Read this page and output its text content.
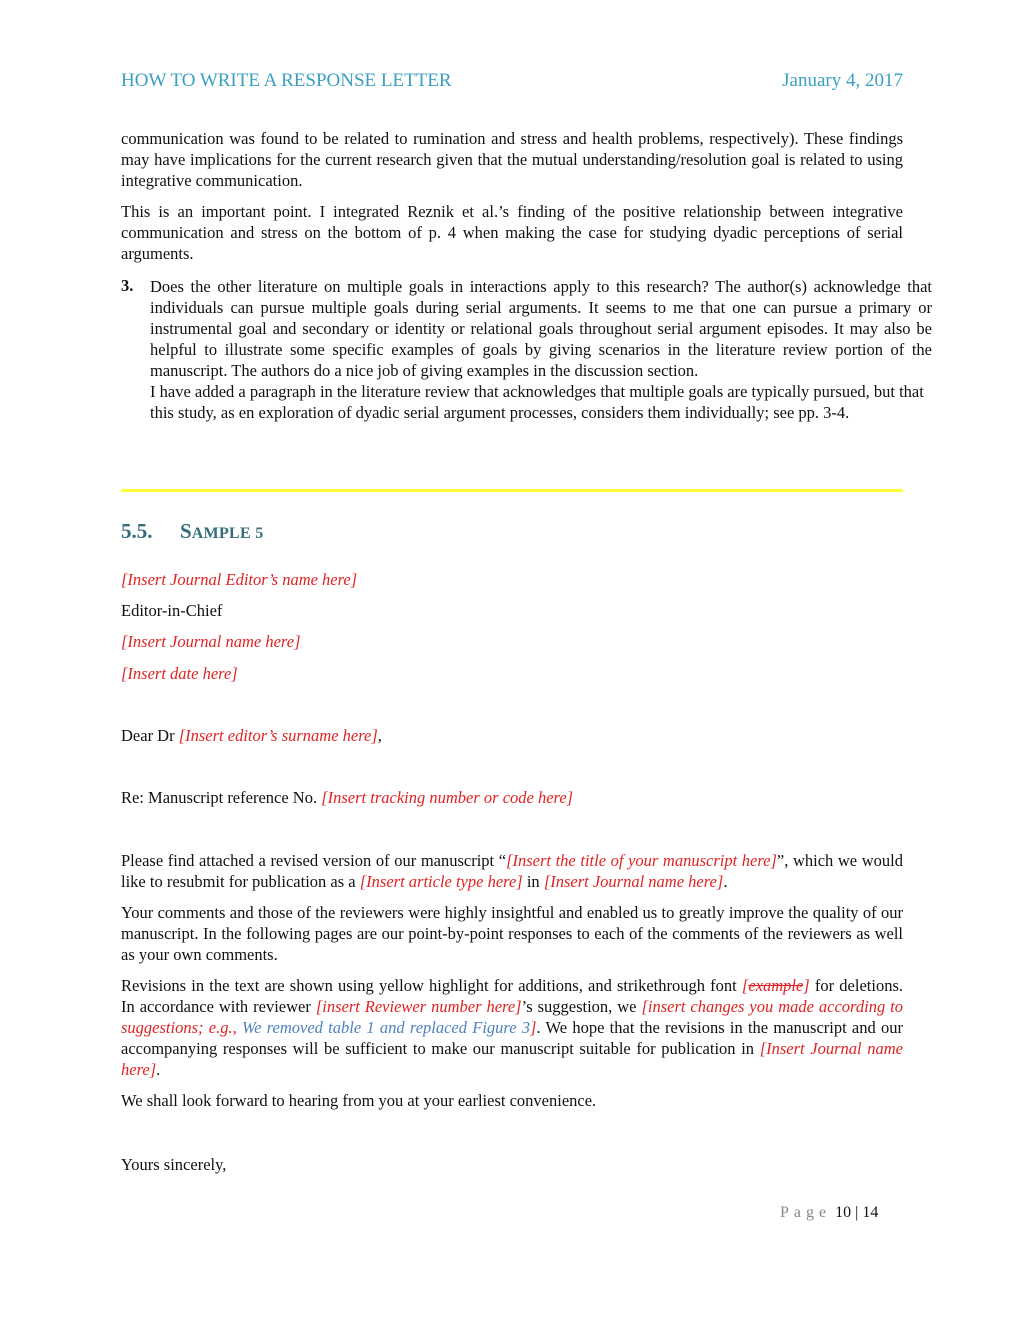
HOW TO WRITE A RESPONSE LETTER	January 4, 2017

communication was found to be related to rumination and stress and health problems, respectively). These findings may have implications for the current research given that the mutual understanding/resolution goal is related to using integrative communication.

This is an important point. I integrated Reznik et al.’s finding of the positive relationship between integrative communication and stress on the bottom of p. 4 when making the case for studying dyadic perceptions of serial arguments.

3. Does the other literature on multiple goals in interactions apply to this research? The author(s) acknowledge that individuals can pursue multiple goals during serial arguments. It seems to me that one can pursue a primary or instrumental goal and secondary or identity or relational goals throughout serial argument episodes. It may also be helpful to illustrate some specific examples of goals by giving scenarios in the literature review portion of the manuscript. The authors do a nice job of giving examples in the discussion section.

I have added a paragraph in the literature review that acknowledges that multiple goals are typically pursued, but that this study, as en exploration of dyadic serial argument processes, considers them individually; see pp. 3-4.

5.5. SAMPLE 5
[Insert Journal Editor’s name here]
Editor-in-Chief
[Insert Journal name here]
[Insert date here]
Dear Dr [Insert editor’s surname here],
Re: Manuscript reference No. [Insert tracking number or code here]

Please find attached a revised version of our manuscript “[Insert the title of your manuscript here]”, which we would like to resubmit for publication as a [Insert article type here] in [Insert Journal name here].

Your comments and those of the reviewers were highly insightful and enabled us to greatly improve the quality of our manuscript. In the following pages are our point-by-point responses to each of the comments of the reviewers as well as your own comments.

Revisions in the text are shown using yellow highlight for additions, and strikethrough font [example] for deletions. In accordance with reviewer [insert Reviewer number here]’s suggestion, we [insert changes you made according to suggestions; e.g., We removed table 1 and replaced Figure 3]. We hope that the revisions in the manuscript and our accompanying responses will be sufficient to make our manuscript suitable for publication in [Insert Journal name here].

We shall look forward to hearing from you at your earliest convenience.

Yours sincerely,
Page 10 | 14
